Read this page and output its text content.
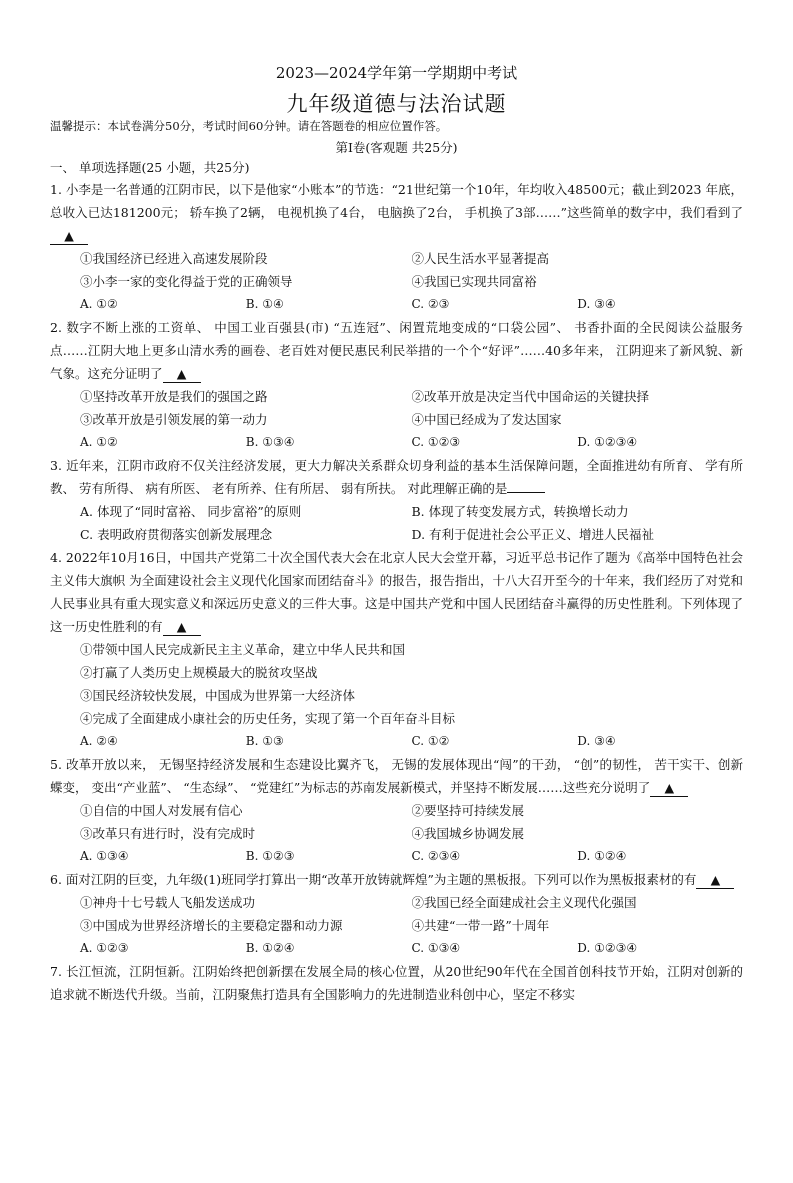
2023—2024学年第一学期期中考试
九年级道德与法治试题
温馨提示：本试卷满分50分，考试时间60分钟。请在答题卷的相应位置作答。
第Ⅰ卷(客观题 共25分)
一、 单项选择题(25 小题，共25分)

1. 小李是一名普通的江阴市民，以下是他家“小账本”的节选：“21世纪第一个10年，年均收入48500元；截止到2023 年底， 总收入已达181200元； 轿车换了2辆， 电视机换了4台， 电脑换了2台， 手机换了3部……”这些简单的数字中，我们看到了▲

①我国经济已经进入高速发展阶段	②人民生活水平显著提高
③小李一家的变化得益于党的正确领导	④我国已实现共同富裕
A. ①②	B. ①④	C. ②③	D. ③④

2. 数字不断上涨的工资单、 中国工业百强县(市) “五连冠”、闲置荒地变成的“口袋公园”、 书香扑面的全民阅读公益服务点……江阴大地上更多山清水秀的画卷、老百姓对便民惠民利民举措的一个个“好评”……40多年来， 江阴迎来了新风貌、新气象。这充分证明了 ▲

①坚持改革开放是我们的强国之路	②改革开放是决定当代中国命运的关键抉择
③改革开放是引领发展的第一动力	④中国已经成为了发达国家
A. ①②	B. ①③④	C. ①②③	D. ①②③④

3. 近年来，江阴市政府不仅关注经济发展，更大力解决关系群众切身利益的基本生活保障问题，全面推进幼有所育、 学有所教、 劳有所得、 病有所医、 老有所养、住有所居、 弱有所扶。 对此理解正确的是

A. 体现了“同时富裕、 同步富裕”的原则	B. 体现了转变发展方式，转换增长动力
C. 表明政府贯彻落实创新发展理念	D. 有利于促进社会公平正义、增进人民福祉

4. 2022年10月16日，中国共产党第二十次全国代表大会在北京人民大会堂开幕，习近平总书记作了题为《高举中国特色社会主义伟大旗帜 为全面建设社会主义现代化国家而团结奋斗》的报告，报告指出，十八大召开至今的十年来，我们经历了对党和人民事业具有重大现实意义和深远历史意义的三件大事。这是中国共产党和中国人民团结奋斗赢得的历史性胜利。下列体现了这一历史性胜利的有 ▲

①带领中国人民完成新民主主义革命，建立中华人民共和国
②打赢了人类历史上规模最大的脱贫攻坚战
③国民经济较快发展，中国成为世界第一大经济体
④完成了全面建成小康社会的历史任务，实现了第一个百年奋斗目标
A. ②④	B. ①③	C. ①②	D. ③④

5. 改革开放以来， 无锡坚持经济发展和生态建设比翼齐飞， 无锡的发展体现出“闯”的干劲， “创”的韧性， 苦干实干、创新蝶变， 变出“产业蓝”、 “生态绿”、 “党建红”为标志的苏南发展新模式，并坚持不断发展……这些充分说明了 ▲

①自信的中国人对发展有信心	②要坚持可持续发展
③改革只有进行时，没有完成时	④我国城乡协调发展
A. ①③④	B. ①②③	C. ②③④	D. ①②④

6. 面对江阴的巨变，九年级(1)班同学打算出一期“改革开放铸就辉煌”为主题的黑板报。下列可以作为黑板报素材的有 ▲

①神舟十七号载人飞船发送成功	②我国已经全面建成社会主义现代化强国
③中国成为世界经济增长的主要稳定器和动力源	④共建“一带一路”十周年
A. ①②③	B. ①②④	C. ①③④	D. ①②③④

7. 长江恒流，江阴恒新。江阴始终把创新摆在发展全局的核心位置，从20世纪90年代在全国首创科技节开始，江阴对创新的追求就不断迭代升级。当前，江阴聚焦打造具有全国影响力的先进制造业科创中心，坚定不移实
